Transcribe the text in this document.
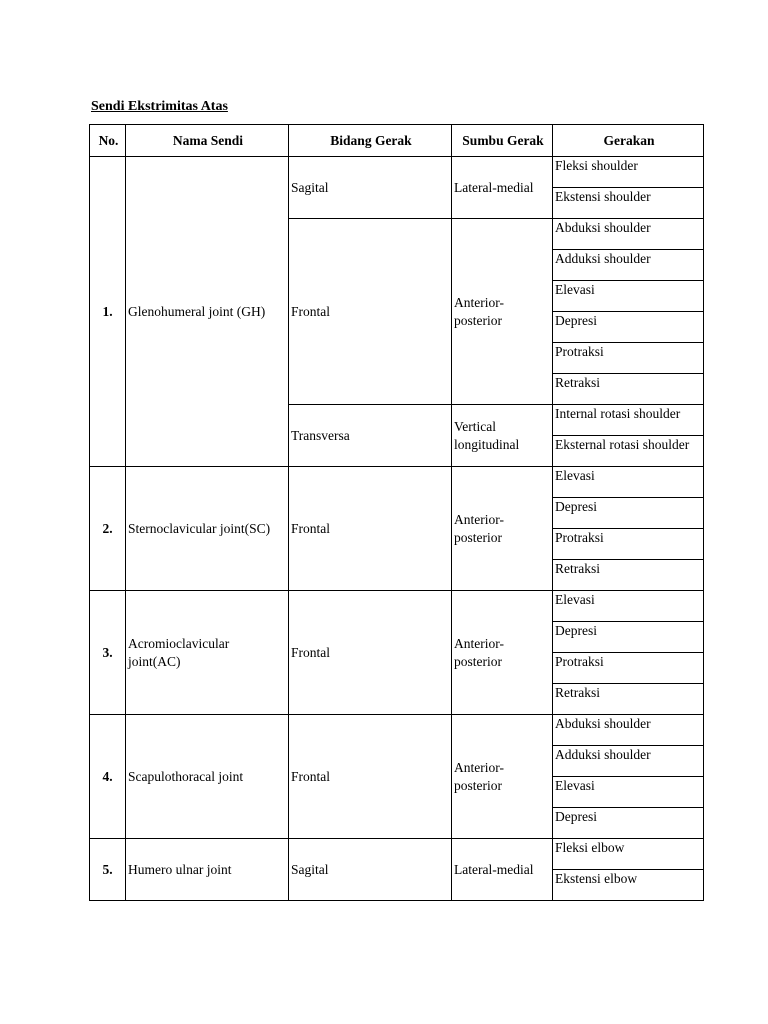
Sendi Ekstrimitas Atas
No.	Nama Sendi	Bidang Gerak	Sumbu Gerak	Gerakan
1.	Glenohumeral joint (GH)	Sagital	Lateral-medial	Fleksi shoulder
				Ekstensi shoulder
		Frontal	Anterior-
posterior	Abduksi shoulder
				Adduksi shoulder
				Elevasi
				Depresi
				Protraksi
				Retraksi
		Transversa	Vertical
longitudinal	Internal rotasi shoulder
				Eksternal rotasi shoulder
2.	Sternoclavicular joint(SC)	Frontal	Anterior-
posterior	Elevasi
				Depresi
				Protraksi
				Retraksi
3.	Acromioclavicular
joint(AC)	Frontal	Anterior-
posterior	Elevasi
				Depresi
				Protraksi
				Retraksi
4.	Scapulothoracal joint	Frontal	Anterior-
posterior	Abduksi shoulder
				Adduksi shoulder
				Elevasi
				Depresi
5.	Humero ulnar joint	Sagital	Lateral-medial	Fleksi elbow
				Ekstensi elbow
